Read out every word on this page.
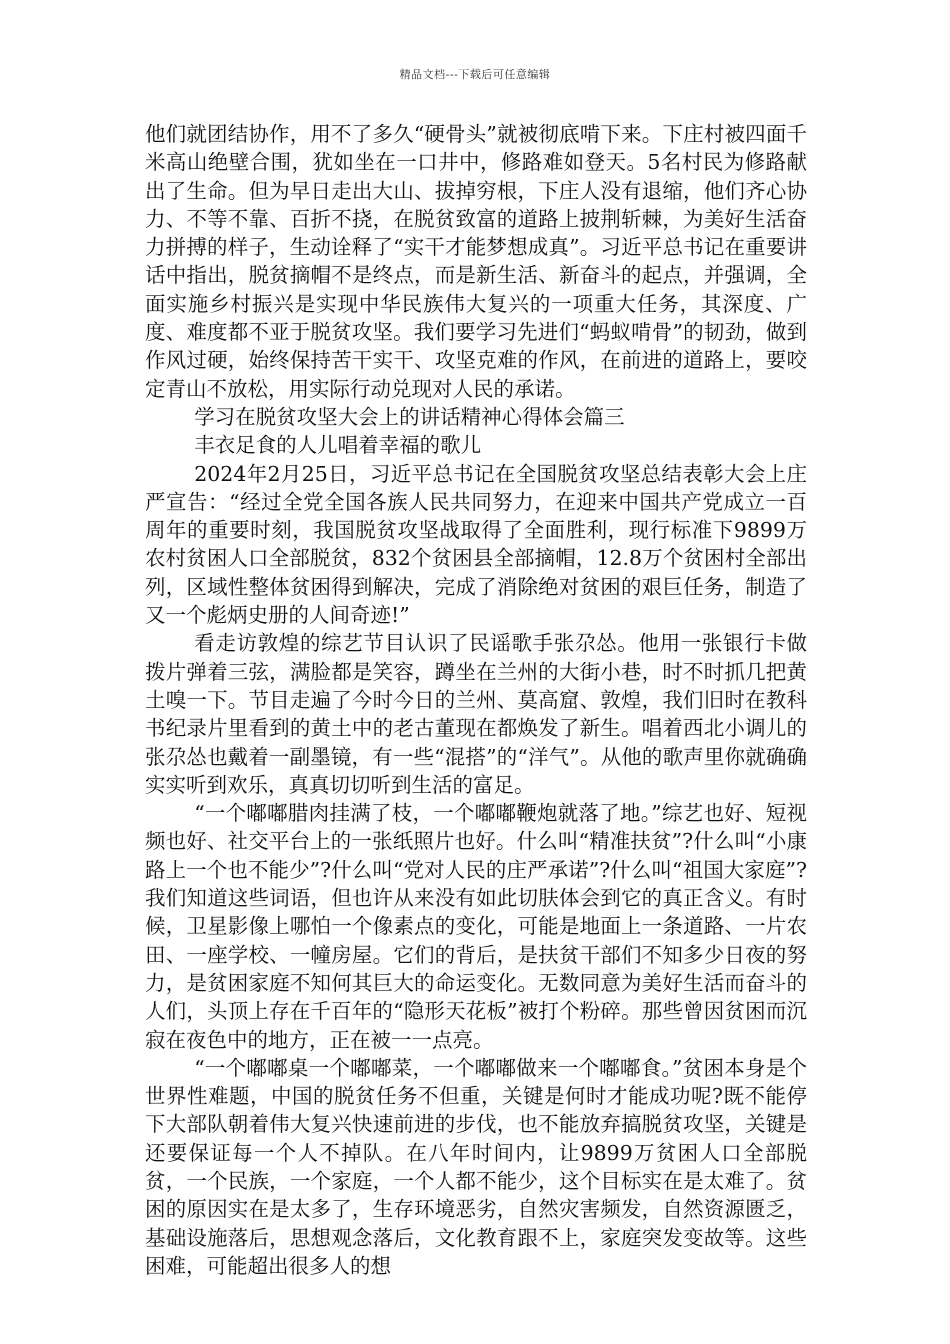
精品文档---下载后可任意编辑

他们就团结协作，用不了多久“硬骨头”就被彻底啃下来。下庄村被四面千米高山绝壁合围，犹如坐在一口井中，修路难如登天。5名村民为修路献出了生命。但为早日走出大山、拔掉穷根，下庄人没有退缩，他们齐心协力、不等不靠、百折不挠，在脱贫致富的道路上披荆斩棘，为美好生活奋力拼搏的样子，生动诠释了“实干才能梦想成真”。习近平总书记在重要讲话中指出，脱贫摘帽不是终点，而是新生活、新奋斗的起点，并强调，全面实施乡村振兴是实现中华民族伟大复兴的一项重大任务，其深度、广度、难度都不亚于脱贫攻坚。我们要学习先进们“蚂蚁啃骨”的韧劲，做到作风过硬，始终保持苦干实干、攻坚克难的作风，在前进的道路上，要咬定青山不放松，用实际行动兑现对人民的承诺。

学习在脱贫攻坚大会上的讲话精神心得体会篇三

丰衣足食的人儿唱着幸福的歌儿

2024年2月25日，习近平总书记在全国脱贫攻坚总结表彰大会上庄严宣告：“经过全党全国各族人民共同努力，在迎来中国共产党成立一百周年的重要时刻，我国脱贫攻坚战取得了全面胜利，现行标准下9899万农村贫困人口全部脱贫，832个贫困县全部摘帽，12.8万个贫困村全部出列，区域性整体贫困得到解决，完成了消除绝对贫困的艰巨任务，制造了又一个彪炳史册的人间奇迹!”

看走访敦煌的综艺节目认识了民谣歌手张尕怂。他用一张银行卡做拨片弹着三弦，满脸都是笑容，蹲坐在兰州的大街小巷，时不时抓几把黄土嗅一下。节目走遍了今时今日的兰州、莫高窟、敦煌，我们旧时在教科书纪录片里看到的黄土中的老古董现在都焕发了新生。唱着西北小调儿的张尕怂也戴着一副墨镜，有一些“混搭”的“洋气”。从他的歌声里你就确确实实听到欢乐，真真切切听到生活的富足。

“一个嘟嘟腊肉挂满了枝，一个嘟嘟鞭炮就落了地。”综艺也好、短视频也好、社交平台上的一张纸照片也好。什么叫“精准扶贫”?什么叫“小康路上一个也不能少”?什么叫“党对人民的庄严承诺”?什么叫“祖国大家庭”?我们知道这些词语，但也许从来没有如此切肤体会到它的真正含义。有时候，卫星影像上哪怕一个像素点的变化，可能是地面上一条道路、一片农田、一座学校、一幢房屋。它们的背后，是扶贫干部们不知多少日夜的努力，是贫困家庭不知何其巨大的命运变化。无数同意为美好生活而奋斗的人们，头顶上存在千百年的“隐形天花板”被打个粉碎。那些曾因贫困而沉寂在夜色中的地方，正在被一一点亮。

“一个嘟嘟桌一个嘟嘟菜，一个嘟嘟做来一个嘟嘟食。”贫困本身是个世界性难题，中国的脱贫任务不但重，关键是何时才能成功呢?既不能停下大部队朝着伟大复兴快速前进的步伐，也不能放弃搞脱贫攻坚，关键是还要保证每一个人不掉队。在八年时间内，让9899万贫困人口全部脱贫，一个民族，一个家庭，一个人都不能少，这个目标实在是太难了。贫困的原因实在是太多了，生存环境恶劣，自然灾害频发，自然资源匮乏，基础设施落后，思想观念落后，文化教育跟不上，家庭突发变故等。这些困难，可能超出很多人的想
